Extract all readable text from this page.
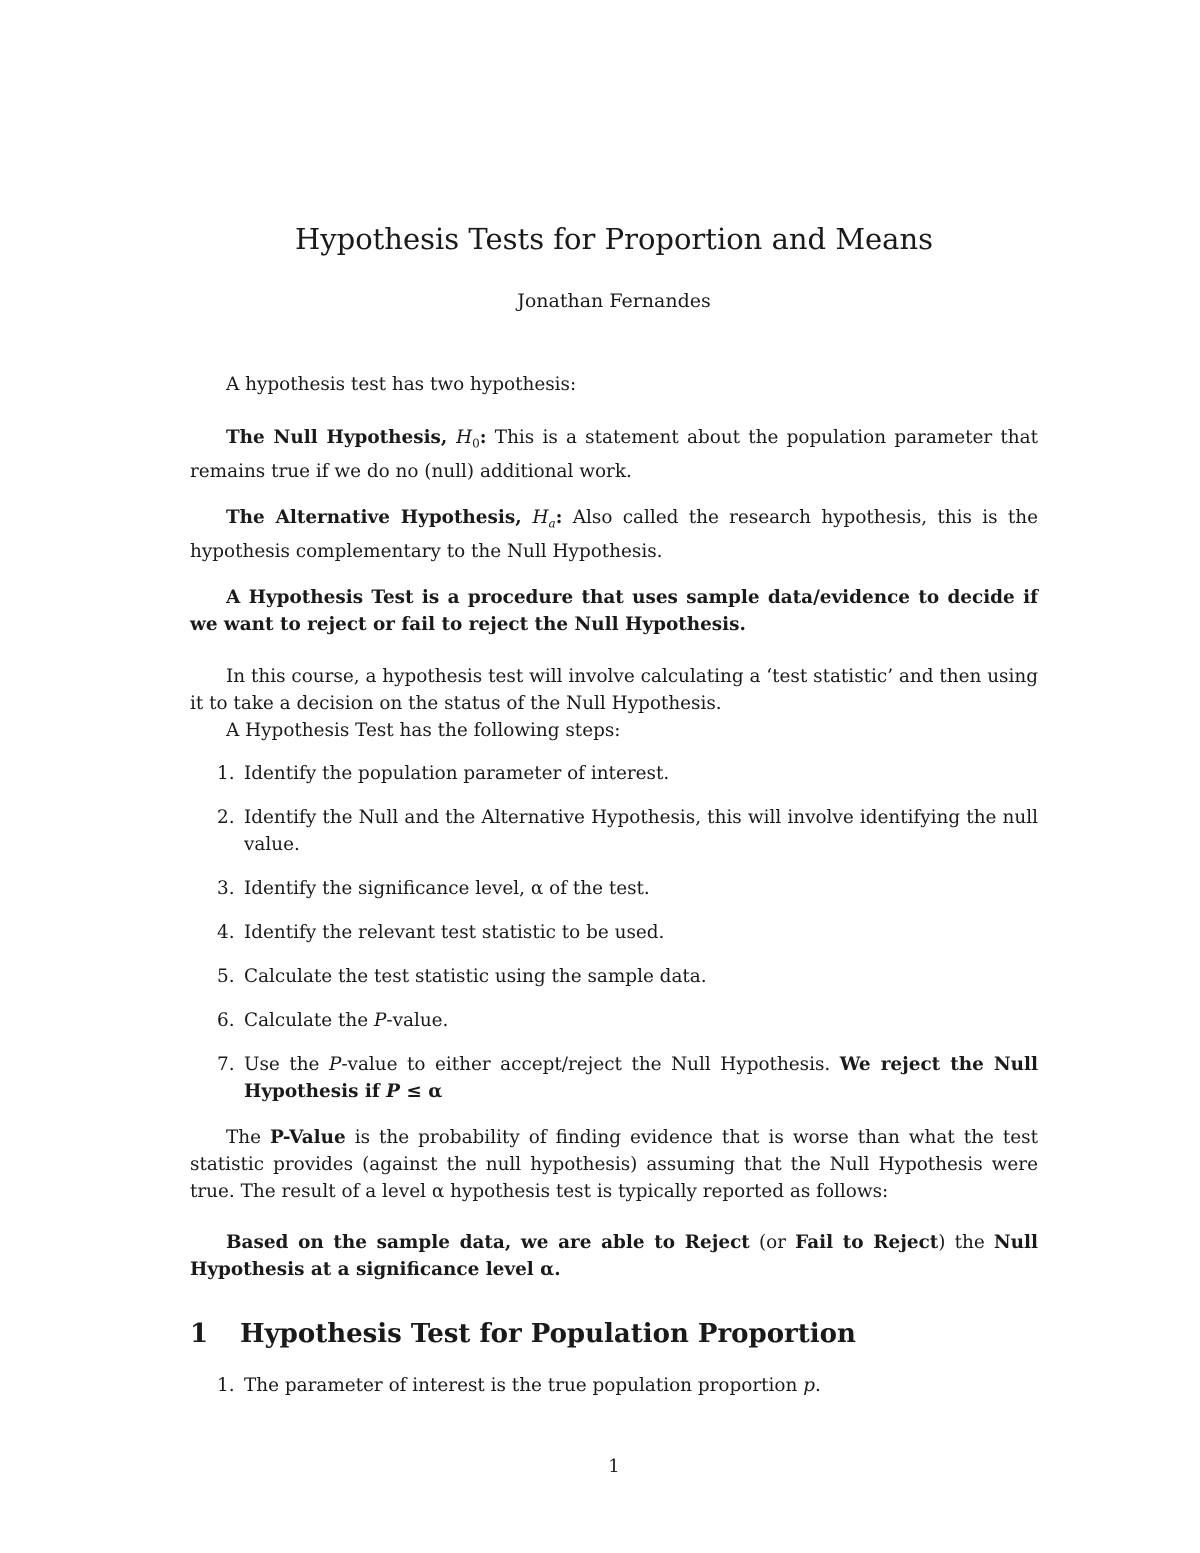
Hypothesis Tests for Proportion and Means
Jonathan Fernandes
A hypothesis test has two hypothesis:
The Null Hypothesis, $H_0$: This is a statement about the population parameter that remains true if we do no (null) additional work.
The Alternative Hypothesis, $H_a$: Also called the research hypothesis, this is the hypothesis complementary to the Null Hypothesis.
A Hypothesis Test is a procedure that uses sample data/evidence to decide if we want to reject or fail to reject the Null Hypothesis.
In this course, a hypothesis test will involve calculating a ‘test statistic’ and then using it to take a decision on the status of the Null Hypothesis.
A Hypothesis Test has the following steps:
1. Identify the population parameter of interest.
2. Identify the Null and the Alternative Hypothesis, this will involve identifying the null value.
3. Identify the significance level, α of the test.
4. Identify the relevant test statistic to be used.
5. Calculate the test statistic using the sample data.
6. Calculate the P-value.
7. Use the P-value to either accept/reject the Null Hypothesis. We reject the Null Hypothesis if P ≤ α
The P-Value is the probability of finding evidence that is worse than what the test statistic provides (against the null hypothesis) assuming that the Null Hypothesis were true. The result of a level α hypothesis test is typically reported as follows:
Based on the sample data, we are able to Reject (or Fail to Reject) the Null Hypothesis at a significance level α.
1 Hypothesis Test for Population Proportion
1. The parameter of interest is the true population proportion p.
1
